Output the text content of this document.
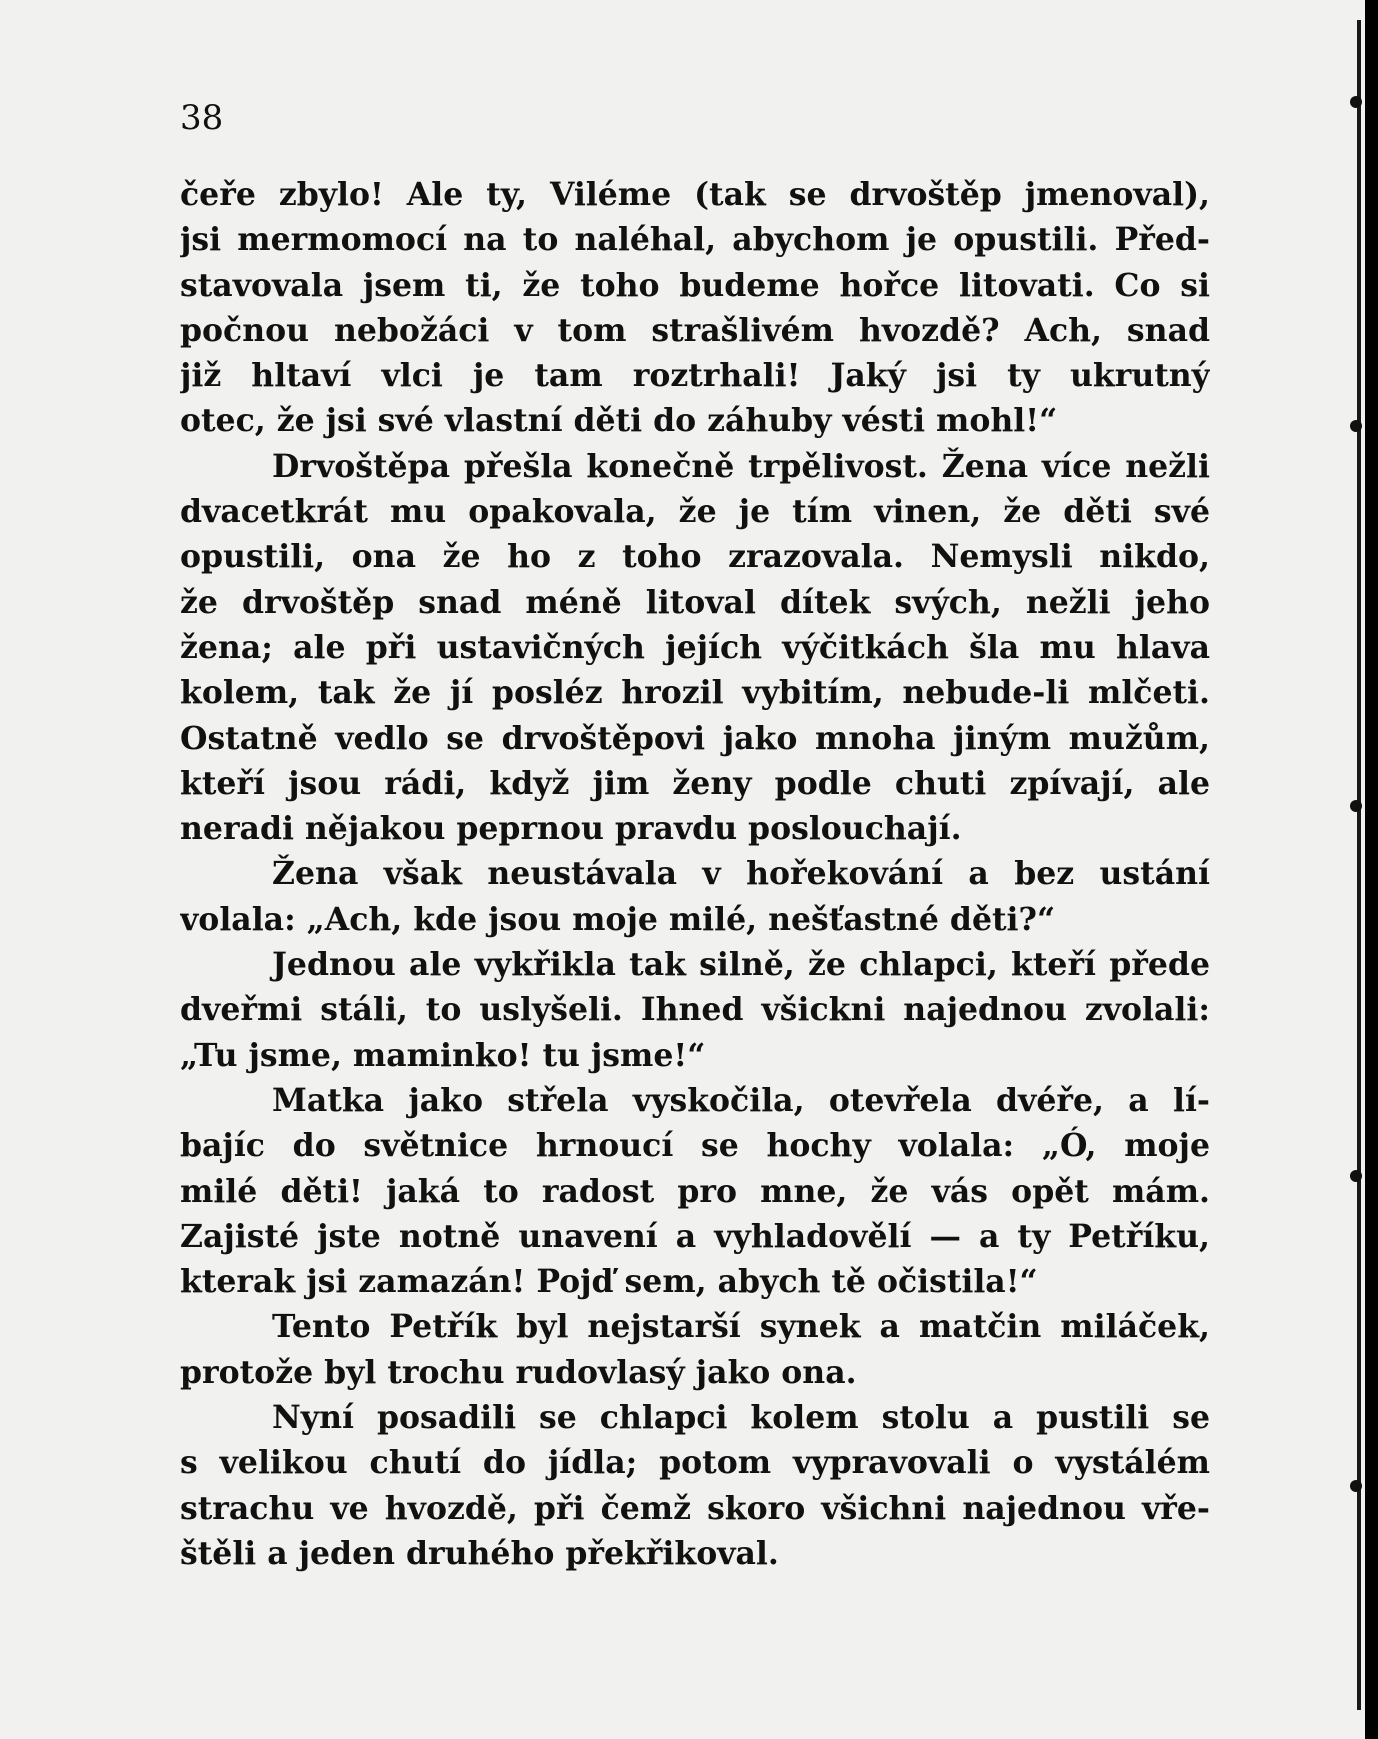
38
čeře zbylo! Ale ty, Viléme (tak se drvoštěp jmenoval),
jsi mermomocí na to naléhal, abychom je opustili. Před-
stavovala jsem ti, že toho budeme hořce litovati. Co si
počnou nebožáci v tom strašlivém hvozdě? Ach, snad
již hltaví vlci je tam roztrhali! Jaký jsi ty ukrutný
otec, že jsi své vlastní děti do záhuby vésti mohl!“
Drvoštěpa přešla konečně trpělivost. Žena více nežli
dvacetkrát mu opakovala, že je tím vinen, že děti své
opustili, ona že ho z toho zrazovala. Nemysli nikdo,
že drvoštěp snad méně litoval dítek svých, nežli jeho
žena; ale při ustavičných jejích výčitkách šla mu hlava
kolem, tak že jí posléz hrozil vybitím, nebude-li mlčeti.
Ostatně vedlo se drvoštěpovi jako mnoha jiným mužům,
kteří jsou rádi, když jim ženy podle chuti zpívají, ale
neradi nějakou peprnou pravdu poslouchají.
Žena však neustávala v hořekování a bez ustání
volala: „Ach, kde jsou moje milé, nešťastné děti?“
Jednou ale vykřikla tak silně, že chlapci, kteří přede
dveřmi stáli, to uslyšeli. Ihned všickni najednou zvolali:
„Tu jsme, maminko! tu jsme!“
Matka jako střela vyskočila, otevřela dvéře, a lí-
bajíc do světnice hrnoucí se hochy volala: „Ó, moje
milé děti! jaká to radost pro mne, že vás opět mám.
Zajisté jste notně unavení a vyhladovělí — a ty Petříku,
kterak jsi zamazán! Pojď sem, abych tě očistila!“
Tento Petřík byl nejstarší synek a matčin miláček,
protože byl trochu rudovlasý jako ona.
Nyní posadili se chlapci kolem stolu a pustili se
s velikou chutí do jídla; potom vypravovali o vystálém
strachu ve hvozdě, při čemž skoro všichni najednou vře-
štěli a jeden druhého překřikoval.
